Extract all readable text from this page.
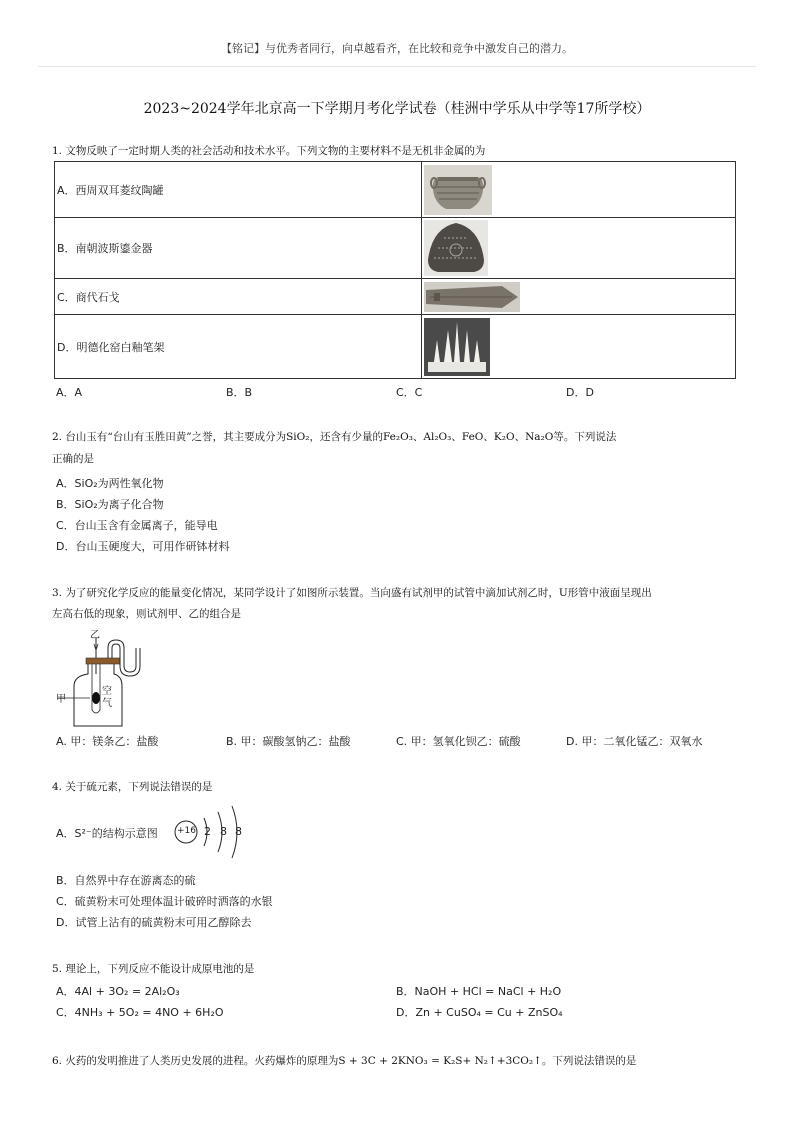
【铭记】与优秀者同行，向卓越看齐，在比较和竞争中激发自己的潜力。
2023~2024学年北京高一下学期月考化学试卷（桂洲中学乐从中学等17所学校）
1. 文物反映了一定时期人类的社会活动和技术水平。下列文物的主要材料不是无机非金属的为
A．西周双耳菱纹陶罐	

B．南朝波斯鎏金器	

C．商代石戈	

D．明德化窑白釉笔架	
A．A	B．B	C．C	D．D
2. 台山玉有“台山有玉胜田黄”之誉，其主要成分为SiO₂，还含有少量的Fe₂O₃、Al₂O₃、FeO、K₂O、Na₂O等。下列说法
正确的是
A．SiO₂为两性氧化物
B．SiO₂为离子化合物
C．台山玉含有金属离子，能导电
D．台山玉硬度大，可用作研钵材料
3. 为了研究化学反应的能量变化情况，某同学设计了如图所示装置。当向盛有试剂甲的试管中滴加试剂乙时，U形管中液面呈现出
左高右低的现象，则试剂甲、乙的组合是
乙
甲
空
气
A. 甲：镁条乙：盐酸	B. 甲：碳酸氢钠乙：盐酸	C. 甲：氢氧化钡乙：硫酸	D. 甲：二氧化锰乙：双氧水
4. 关于硫元素，下列说法错误的是
A．S²⁻的结构示意图 +16 2 8 8
B．自然界中存在游离态的硫
C．硫黄粉末可处理体温计破碎时洒落的水银
D．试管上沾有的硫黄粉末可用乙醇除去
5. 理论上，下列反应不能设计成原电池的是
A．4Al + 3O₂ = 2Al₂O₃	B．NaOH + HCl = NaCl + H₂O
C．4NH₃ + 5O₂ = 4NO + 6H₂O	D．Zn + CuSO₄ = Cu + ZnSO₄
6. 火药的发明推进了人类历史发展的进程。火药爆炸的原理为S + 3C + 2KNO₃ = K₂S+ N₂↑+3CO₂↑。下列说法错误的是
